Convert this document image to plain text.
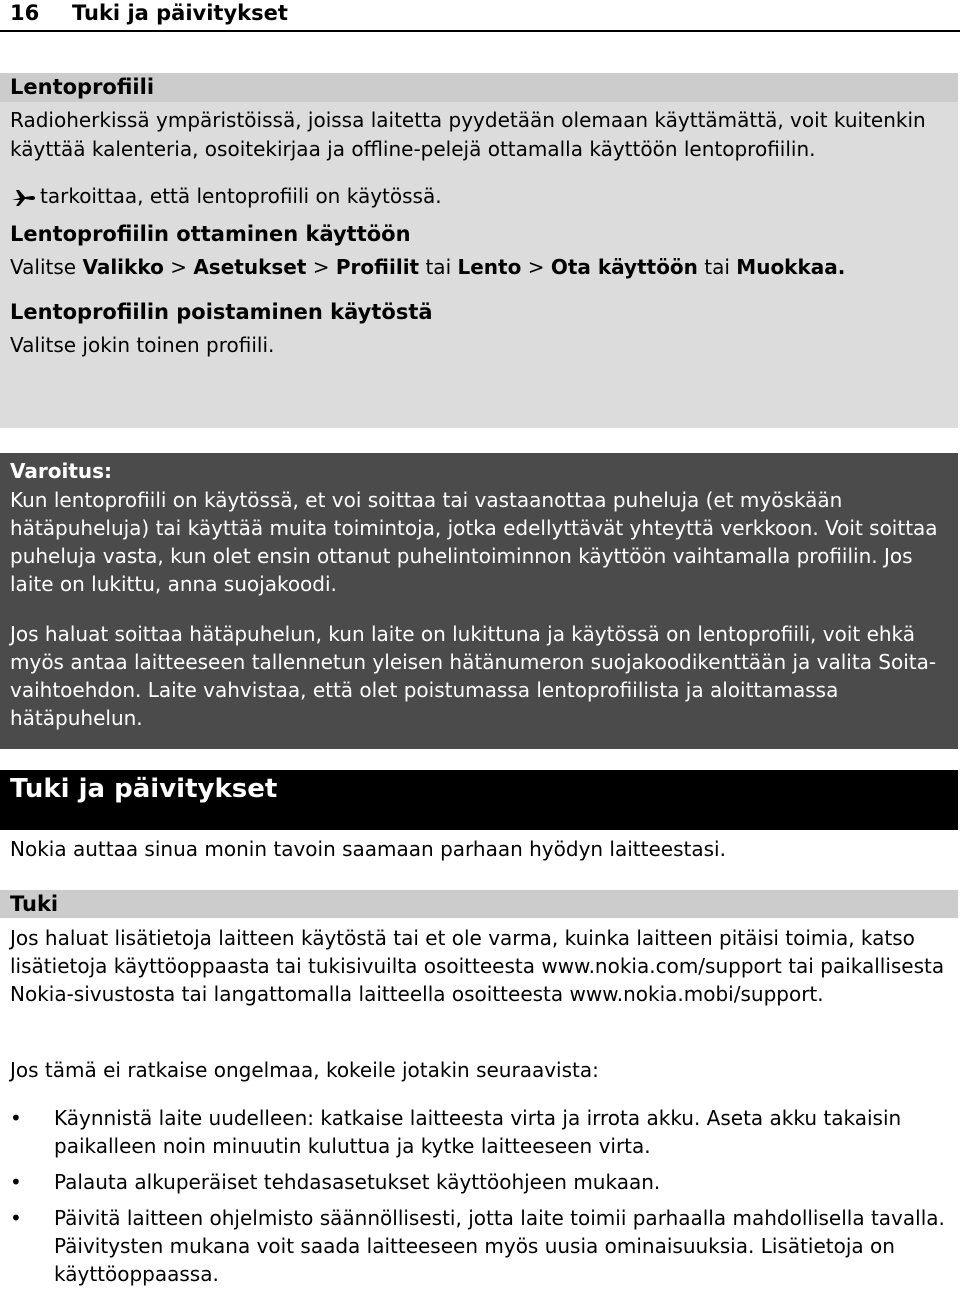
16 Tuki ja päivitykset
Lentoprofiili

Radioherkissä ympäristöissä, joissa laitetta pyydetään olemaan käyttämättä, voit kuitenkin käyttää kalenteria, osoitekirjaa ja offline-pelejä ottamalla käyttöön lentoprofiilin.

tarkoittaa, että lentoprofiili on käytössä.

Lentoprofiilin ottaminen käyttöön

Valitse Valikko > Asetukset > Profiilit tai Lento > Ota käyttöön tai Muokkaa.

Lentoprofiilin poistaminen käytöstä

Valitse jokin toinen profiili.

Varoitus:

Kun lentoprofiili on käytössä, et voi soittaa tai vastaanottaa puheluja (et myöskään hätäpuheluja) tai käyttää muita toimintoja, jotka edellyttävät yhteyttä verkkoon. Voit soittaa puheluja vasta, kun olet ensin ottanut puhelintoiminnon käyttöön vaihtamalla profiilin. Jos laite on lukittu, anna suojakoodi.

Jos haluat soittaa hätäpuhelun, kun laite on lukittuna ja käytössä on lentoprofiili, voit ehkä myös antaa laitteeseen tallennetun yleisen hätänumeron suojakoodikenttään ja valita Soita-vaihtoehdon. Laite vahvistaa, että olet poistumassa lentoprofiilista ja aloittamassa hätäpuhelun.

Tuki ja päivitykset

Nokia auttaa sinua monin tavoin saamaan parhaan hyödyn laitteestasi.

Tuki

Jos haluat lisätietoja laitteen käytöstä tai et ole varma, kuinka laitteen pitäisi toimia, katso lisätietoja käyttöoppaasta tai tukisivuilta osoitteesta www.nokia.com/support tai paikallisesta Nokia-sivustosta tai langattomalla laitteella osoitteesta www.nokia.mobi/support.

Jos tämä ei ratkaise ongelmaa, kokeile jotakin seuraavista:

• Käynnistä laite uudelleen: katkaise laitteesta virta ja irrota akku. Aseta akku takaisin paikalleen noin minuutin kuluttua ja kytke laitteeseen virta.
• Palauta alkuperäiset tehdasasetukset käyttöohjeen mukaan.
• Päivitä laitteen ohjelmisto säännöllisesti, jotta laite toimii parhaalla mahdollisella tavalla. Päivitysten mukana voit saada laitteeseen myös uusia ominaisuuksia. Lisätietoja on käyttöoppaassa.
